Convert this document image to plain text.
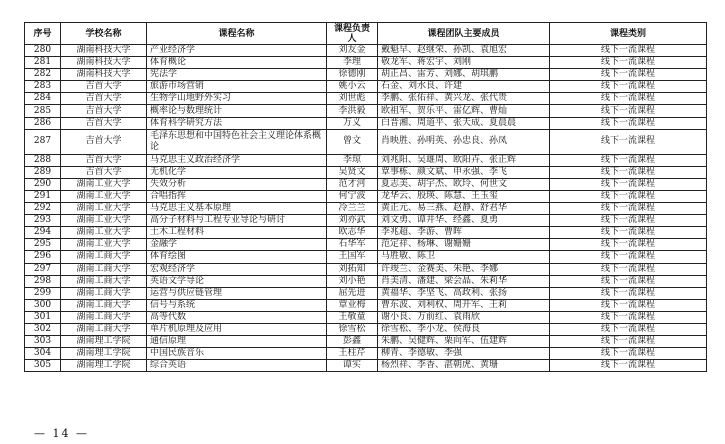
序号	学校名称	课程名称	课程负责人	课程团队主要成员	课程类别
280	湖南科技大学	产业经济学	刘友金	戴魁早、赵继荣、孙凯、袁旭宏	线下一流课程
281	湖南科技大学	体育概论	李理	敬龙军、蒋宏宇、刘刚	线下一流课程
282	湖南科技大学	宪法学	徐德刚	胡正昌、雷芳、刘娜、胡琪鹏	线下一流课程
283	吉首大学	旅游市场营销	姚小云	石金、刘水良、许建	线下一流课程
284	吉首大学	生物学山地野外实习	刘世彪	李鹏、张佑祥、黄兴龙、张代贵	线下一流课程
285	吉首大学	概率论与数理统计	李洪毅	欧祖军、贺乐平、雷亿辉、曹灿	线下一流课程
286	吉首大学	体育科学研究方法	万义	白晋湘、周道平、张天成、夏晨晨	线下一流课程
287	吉首大学	毛泽东思想和中国特色社会主义理论体系概论	曾文	肖映胜、孙明英、孙忠良、孙凤	线下一流课程
288	吉首大学	马克思主义政治经济学	李琼	刘兆阳、吴雄周、欧阳卉、张正辉	线下一流课程
289	吉首大学	无机化学	吴贤文	覃事栋、颜文斌、申永强、李飞	线下一流课程
290	湖南工业大学	失效分析	范才河	夏志美、胡宇杰、欧玲、何世文	线下一流课程
291	湖南工业大学	合唱指挥	何宁波	龙华云、殷瑛、陈慧、王玉玺	线下一流课程
292	湖南工业大学	马克思主义基本原理	冷兰兰	黄正元、易三燕、赵静、舒君华	线下一流课程
293	湖南工业大学	高分子材料与工程专业导论与研讨	刘亦武	刘文勇、谭井华、经鑫、夏勇	线下一流课程
294	湖南工业大学	土木工程材料	欧志华	李兆超、李游、曹晖	线下一流课程
295	湖南工业大学	金融学	石华军	范定祥、杨琳、谢姗姗	线下一流课程
296	湖南工商大学	体育绘图	王国军	马胜敏、陈卫	线下一流课程
297	湖南工商大学	宏观经济学	刘拓知	许竣兰、金赛美、朱艳、李娜	线下一流课程
298	湖南工商大学	英语文学导论	刘小艳	肖美清、潘建、梁会晶、朱莉华	线下一流课程
299	湖南工商大学	运营与供应链管理	屈先进	黄福华、李坚飞、高政利、张扬	线下一流课程
300	湖南工商大学	信号与系统	覃业梅	曹东波、刘利权、周开军、王莉	线下一流课程
301	湖南工商大学	高等代数	王敬童	谢小良、万前红、袁雨欣	线下一流课程
302	湖南工商大学	单片机原理及应用	徐雪松	徐雪松、李小龙、侯海良	线下一流课程
303	湖南理工学院	通信原理	彭鑫	朱鹏、吴健辉、栗向军、伍建辉	线下一流课程
304	湖南理工学院	中国民族音乐	王柱芹	柳青、李德敏、李强	线下一流课程
305	湖南理工学院	综合英语	谭实	杨烈祥、李香、湛朝虎、黄珊	线下一流课程
— 14 —
